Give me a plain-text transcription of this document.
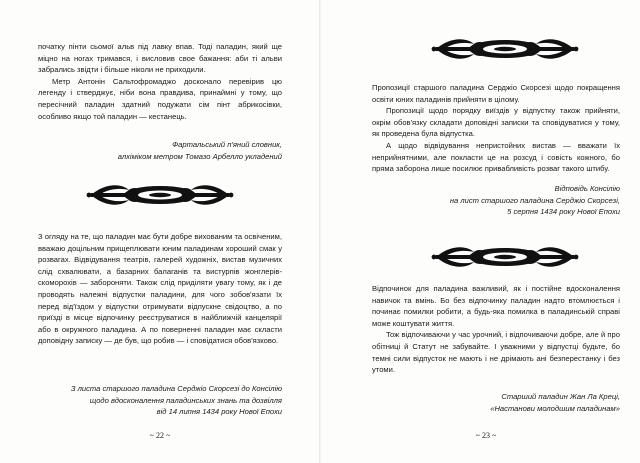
початку пінти сьомої альв під лавку впав. Тоді паладин, який ще міцно на ногах тримався, і висловив свое бажання: аби ті альви забрались звідти і більше ніколи не приходили.

Метр Антонін Сальтофромаджо досконало перевірив цю легенду і стверджує, ніби вона правдива, принаймні у тому, що пересічний паладин здатний подужати сім пінт абрикосівки, особливо якщо той паладин — кестанець.

Фартальський п'яний словник,
алхіміком метром Томазо Арбелло укладений

З огляду на те, що паладин має бути добре вихованим та освіченим, вважаю доцільним прищеплювати юним паладинам хороший смак у розвагах. Відвідування театрів, галерей художніх, вистав музичних слід схвалювати, а базарних балаганів та вистурпів жонглерів-скоморохів — забороняти. Також слід приділяти увагу тому, як і де проводять належні відпустки паладини, для чого зобов'язати їх перед від'їздом у відпустки отримувати відпускне свідоцтво, а по приїзді в місце відпочинку реєструватися в найближчій канцелярії або в окружного паладина. А по поверненні паладин має скласти доповідну записку — де був, що робив — і сповідатися обов'язково.

З листа старшого паладина Серджіо Скорсезі до Консілію
щодо вдосконалення паладинських знань та дозвілля
від 14 липня 1434 року Нової Епохи
~ 22 ~

Пропозиції старшого паладина Серджіо Скорсезі щодо покращення освіти юних паладинів прийняти в цілому.

Пропозиції щодо порядку виїздів у відпустку також прийняти, окрім обов'язку складати доповідні записки та сповідуватися у тому, як проведена була відпустка.

А щодо відвідування непристойних вистав — вважати їх неприйнятними, але покласти це на розсуд і совість кожного, бо пряма заборона лише посилює привабливість розваг такого штибу.

Відповідь Консілію
на лист старшого паладина Серджіо Скорсезі,
5 серпня 1434 року Нової Епохи

Відпочинок для паладина важливий, як і постійне вдосконалення навичок та вмінь. Бо без відпочинку паладин надто втомлюється і починає помилки робити, а будь-яка помилка в паладинській справі може коштувати життя.

Тож відпочиваючи у час урочний, і відпочиваючи добре, але й про обітниці й Статут не забувайте. І уважними у відпустці будьте, бо темні сили відпусток не мають і не дрімають ані безперестанку і без утоми.

Старший паладин Жан Ла Креці,
«Настанови молодшим паладинам»
~ 23 ~
